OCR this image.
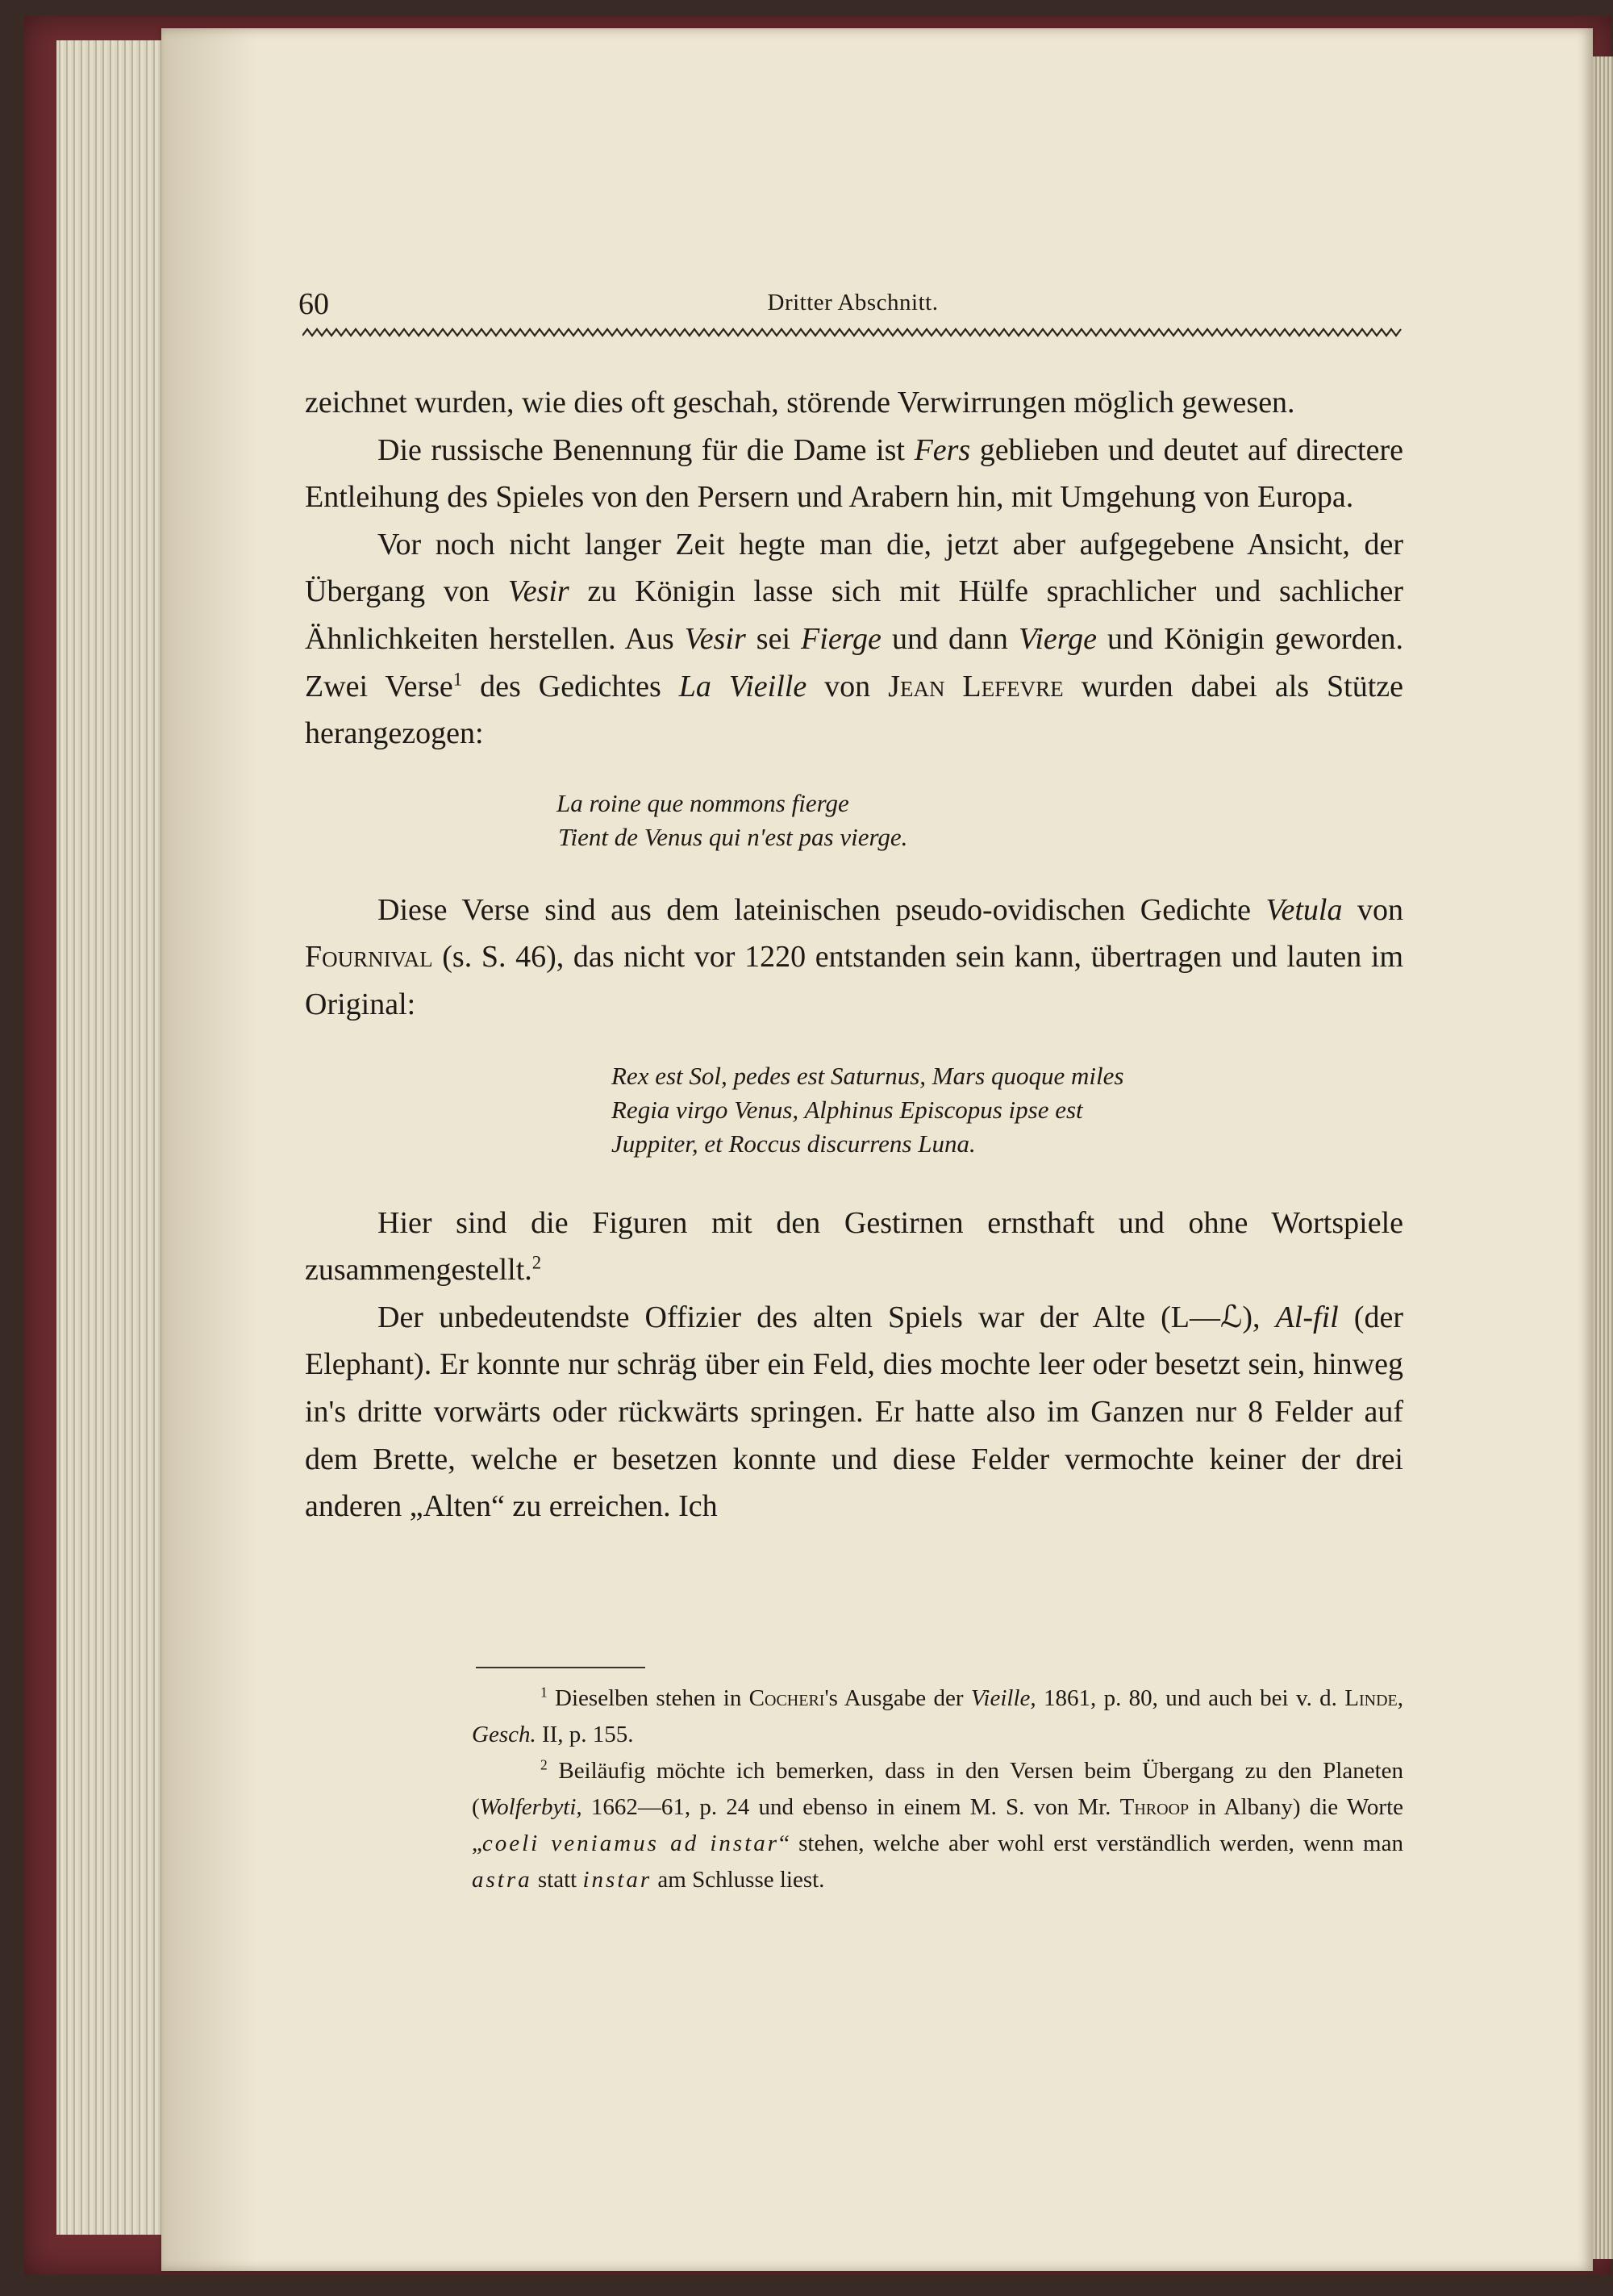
60	Dritter Abschnitt.

zeichnet wurden, wie dies oft geschah, störende Verwirrungen möglich gewesen.

Die russische Benennung für die Dame ist Fers geblieben und deutet auf directere Entleihung des Spieles von den Persern und Arabern hin, mit Umgehung von Europa.

Vor noch nicht langer Zeit hegte man die, jetzt aber aufgegebene Ansicht, der Übergang von Vesir zu Königin lasse sich mit Hülfe sprachlicher und sachlicher Ähnlichkeiten herstellen. Aus Vesir sei Fierge und dann Vierge und Königin geworden. Zwei Verse$^1$ des Gedichtes La Vieille von Jean Lefevre wurden dabei als Stütze herangezogen:

La roine que nommons fierge
Tient de Venus qui n'est pas vierge.

Diese Verse sind aus dem lateinischen pseudo-ovidischen Gedichte Vetula von Fournival (s. S. 46), das nicht vor 1220 entstanden sein kann, übertragen und lauten im Original:

Rex est Sol, pedes est Saturnus, Mars quoque miles
Regia virgo Venus, Alphinus Episcopus ipse est
Juppiter, et Roccus discurrens Luna.

Hier sind die Figuren mit den Gestirnen ernsthaft und ohne Wortspiele zusammengestellt.$^2$

Der unbedeutendste Offizier des alten Spiels war der Alte (L—ℒ), Al-fil (der Elephant). Er konnte nur schräg über ein Feld, dies mochte leer oder besetzt sein, hinweg in's dritte vorwärts oder rückwärts springen. Er hatte also im Ganzen nur 8 Felder auf dem Brette, welche er besetzen konnte und diese Felder vermochte keiner der drei anderen „Alten“ zu erreichen. Ich

$^1$ Dieselben stehen in Cocheri's Ausgabe der Vieille, 1861, p. 80, und auch bei v. d. Linde, Gesch. II, p. 155.

$^2$ Beiläufig möchte ich bemerken, dass in den Versen beim Übergang zu den Planeten (Wolferbyti, 1662—61, p. 24 und ebenso in einem M. S. von Mr. Throop in Albany) die Worte „coeli veniamus ad instar“ stehen, welche aber wohl erst verständlich werden, wenn man astra statt instar am Schlusse liest.
